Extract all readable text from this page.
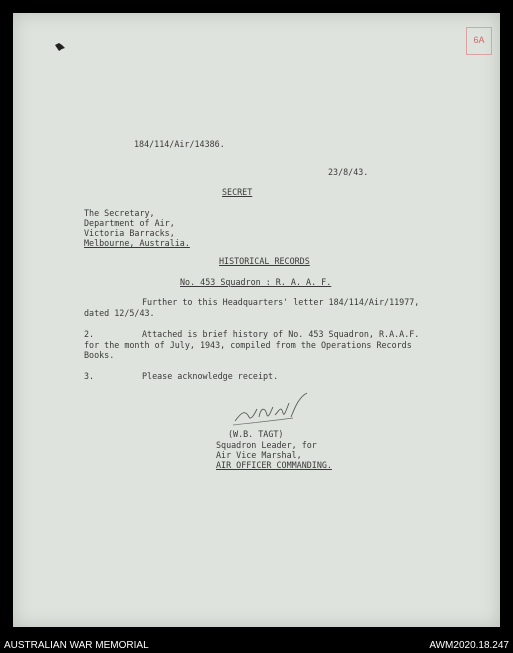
6A

184/114/Air/14386.

23/8/43.

SECRET

The Secretary,

Department of Air,

Victoria Barracks,

Melbourne, Australia.

HISTORICAL RECORDS

No. 453 Squadron : R. A. A. F.

Further to this Headquarters' letter 184/114/Air/11977,

dated 12/5/43.

2.	Attached is brief history of No. 453 Squadron, R.A.A.F.

for the month of July, 1943, compiled from the Operations Records

Books.

3.	Please acknowledge receipt.

(W.B. TAGT)

Squadron Leader, for

Air Vice Marshal,

AIR OFFICER COMMANDING.

AUSTRALIAN WAR MEMORIAL	AWM2020.18.247
